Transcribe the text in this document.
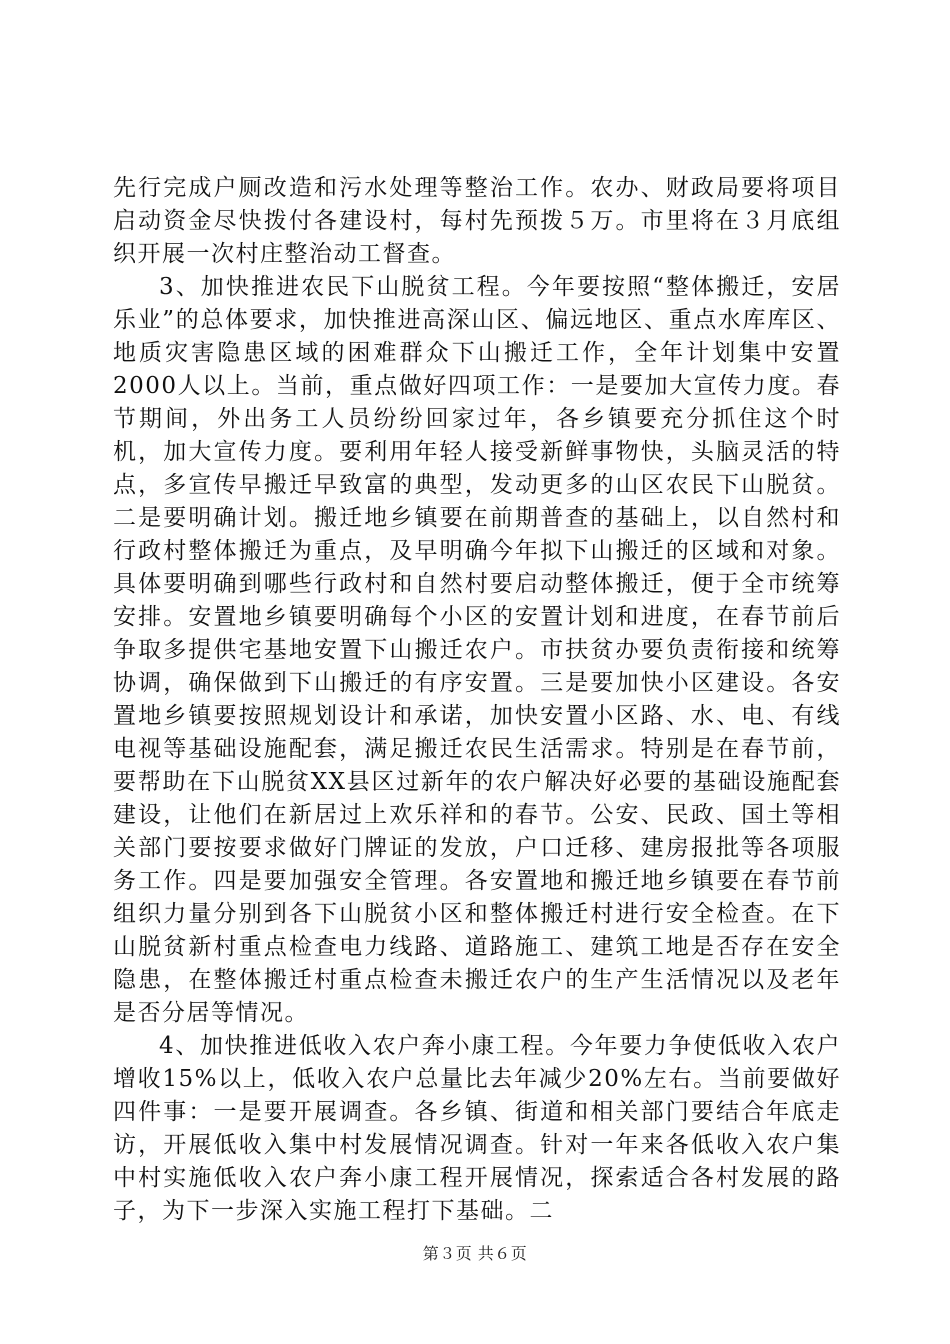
先行完成户厕改造和污水处理等整治工作。农办、财政局要将项目启动资金尽快拨付各建设村，每村先预拨５万。市里将在３月底组织开展一次村庄整治动工督查。

3、加快推进农民下山脱贫工程。今年要按照“整体搬迁，安居乐业”的总体要求，加快推进高深山区、偏远地区、重点水库库区、地质灾害隐患区域的困难群众下山搬迁工作，全年计划集中安置2000人以上。当前，重点做好四项工作：一是要加大宣传力度。春节期间，外出务工人员纷纷回家过年，各乡镇要充分抓住这个时机，加大宣传力度。要利用年轻人接受新鲜事物快，头脑灵活的特点，多宣传早搬迁早致富的典型，发动更多的山区农民下山脱贫。二是要明确计划。搬迁地乡镇要在前期普查的基础上，以自然村和行政村整体搬迁为重点，及早明确今年拟下山搬迁的区域和对象。具体要明确到哪些行政村和自然村要启动整体搬迁，便于全市统筹安排。安置地乡镇要明确每个小区的安置计划和进度，在春节前后争取多提供宅基地安置下山搬迁农户。市扶贫办要负责衔接和统筹协调，确保做到下山搬迁的有序安置。三是要加快小区建设。各安置地乡镇要按照规划设计和承诺，加快安置小区路、水、电、有线电视等基础设施配套，满足搬迁农民生活需求。特别是在春节前，要帮助在下山脱贫XX县区过新年的农户解决好必要的基础设施配套建设，让他们在新居过上欢乐祥和的春节。公安、民政、国土等相关部门要按要求做好门牌证的发放，户口迁移、建房报批等各项服务工作。四是要加强安全管理。各安置地和搬迁地乡镇要在春节前组织力量分别到各下山脱贫小区和整体搬迁村进行安全检查。在下山脱贫新村重点检查电力线路、道路施工、建筑工地是否存在安全隐患，在整体搬迁村重点检查未搬迁农户的生产生活情况以及老年是否分居等情况。

4、加快推进低收入农户奔小康工程。今年要力争使低收入农户增收15%以上，低收入农户总量比去年减少20%左右。当前要做好四件事：一是要开展调查。各乡镇、街道和相关部门要结合年底走访，开展低收入集中村发展情况调查。针对一年来各低收入农户集中村实施低收入农户奔小康工程开展情况，探索适合各村发展的路子，为下一步深入实施工程打下基础。二

第３页 共６页
